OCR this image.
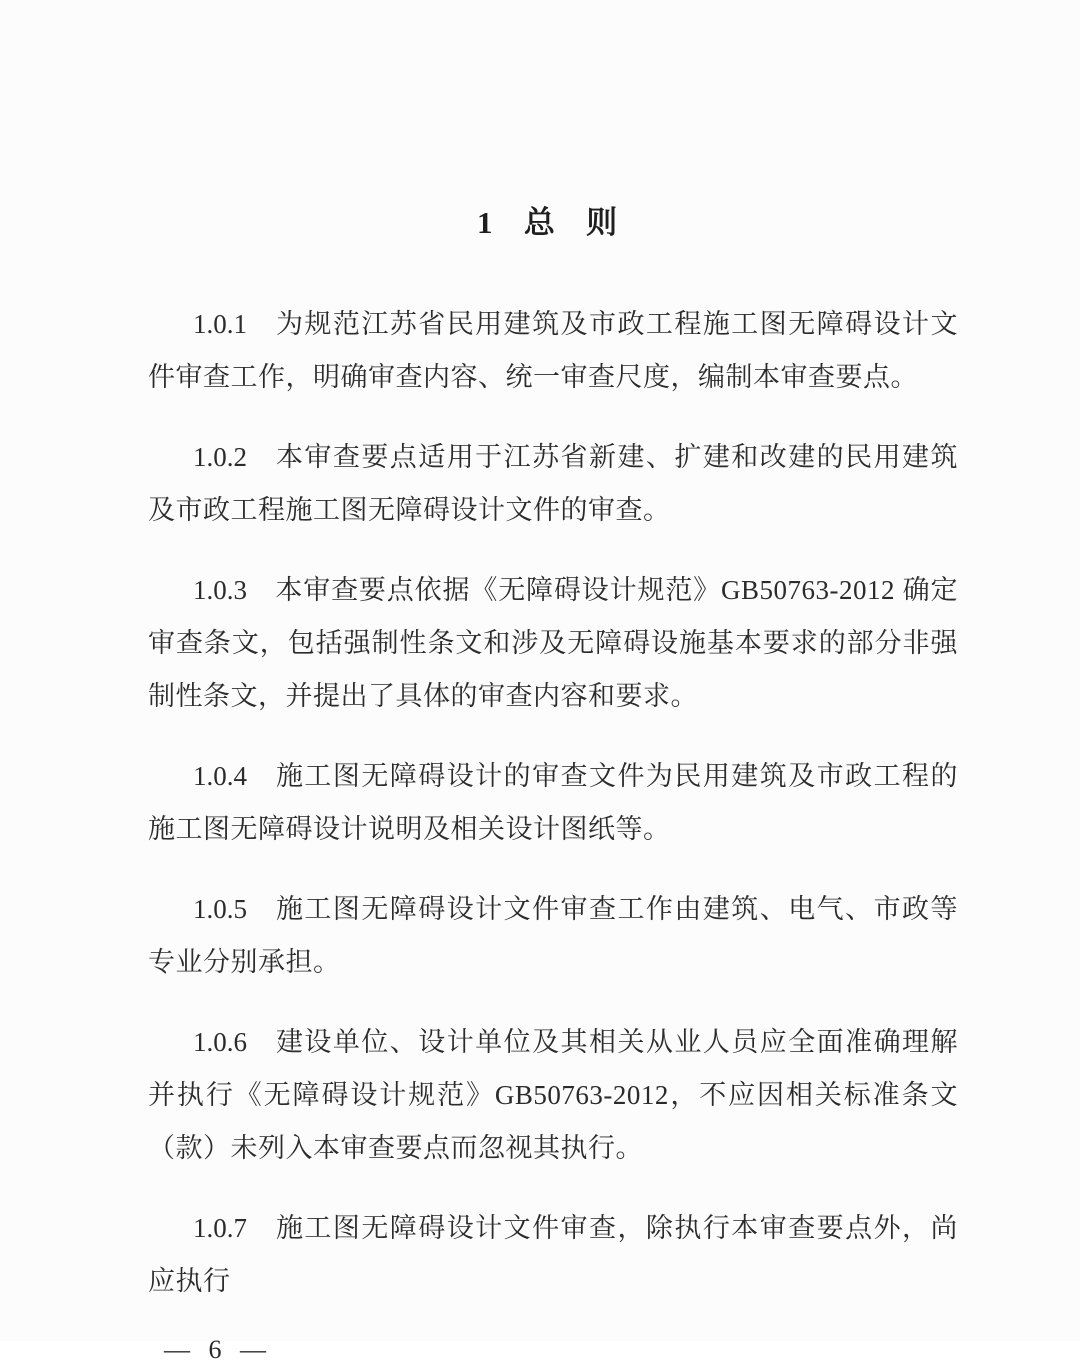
1 总 则

1.0.1 为规范江苏省民用建筑及市政工程施工图无障碍设计文件审查工作，明确审查内容、统一审查尺度，编制本审查要点。

1.0.2 本审查要点适用于江苏省新建、扩建和改建的民用建筑及市政工程施工图无障碍设计文件的审查。

1.0.3 本审查要点依据《无障碍设计规范》GB50763-2012 确定审查条文，包括强制性条文和涉及无障碍设施基本要求的部分非强制性条文，并提出了具体的审查内容和要求。

1.0.4 施工图无障碍设计的审查文件为民用建筑及市政工程的施工图无障碍设计说明及相关设计图纸等。

1.0.5 施工图无障碍设计文件审查工作由建筑、电气、市政等专业分别承担。

1.0.6 建设单位、设计单位及其相关从业人员应全面准确理解并执行《无障碍设计规范》GB50763-2012，不应因相关标准条文（款）未列入本审查要点而忽视其执行。

1.0.7 施工图无障碍设计文件审查，除执行本审查要点外，尚应执行

— 6 —
